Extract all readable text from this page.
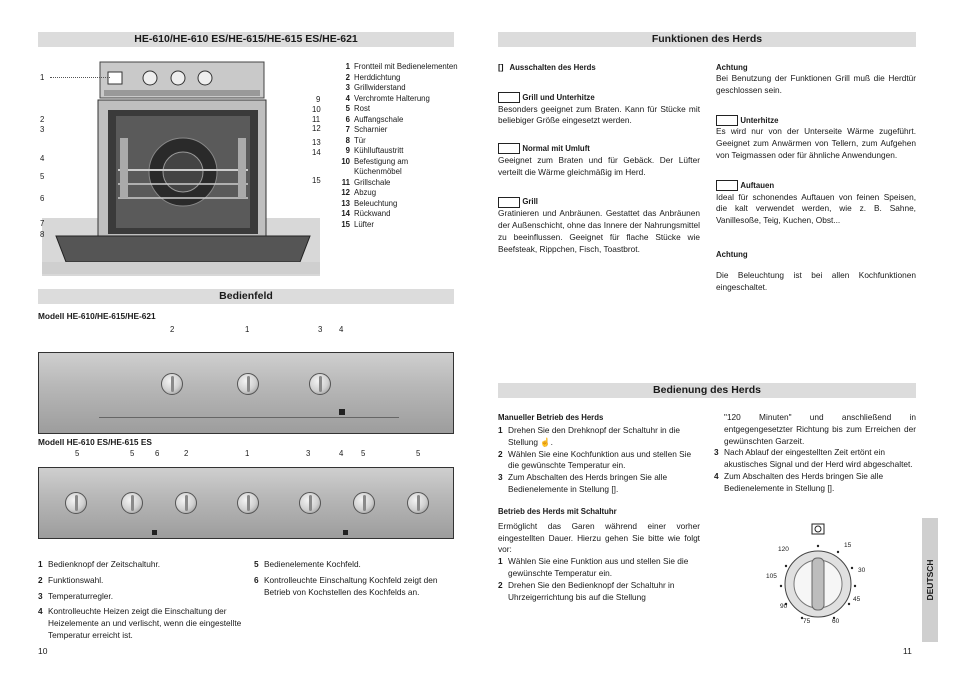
HE-610/HE-610 ES/HE-615/HE-615 ES/HE-621
1
2
3
4
5
6
7
8
9
10
11
12
13
14
15
1 Frontteil mit Bedienelementen
2 Herddichtung
3 Grillwiderstand
4 Verchromte Halterung
5 Rost
6 Auffangschale
7 Scharnier
8 Tür
9 Kühlluftaustritt
10 Befestigung am Küchenmöbel
11 Grillschale
12 Abzug
13 Beleuchtung
14 Rückwand
15 Lüfter
Bedienfeld
Modell HE-610/HE-615/HE-621
2	1	3 4
Modell HE-610 ES/HE-615 ES
5	5	6	2	1	3	4 5	5
1 Bedienknopf der Zeitschaltuhr.
2 Funktionswahl.
3 Temperaturregler.
4 Kontrolleuchte Heizen zeigt die Einschaltung der Heizelemente an und verlischt, wenn die eingestellte Temperatur erreicht ist.
5 Bedienelemente Kochfeld.
6 Kontrolleuchte Einschaltung Kochfeld zeigt den Betrieb von Kochstellen des Kochfelds an.
10
Funktionen des Herds
[] Ausschalten des Herds
Grill und Unterhitze
Besonders geeignet zum Braten. Kann für Stücke mit beliebiger Größe eingesetzt werden.
Normal mit Umluft
Geeignet zum Braten und für Gebäck. Der Lüfter verteilt die Wärme gleichmäßig im Herd.
Grill
Gratinieren und Anbräunen. Gestattet das Anbräunen der Außenschicht, ohne das Innere der Nahrungsmittel zu beeinflussen. Geeignet für flache Stücke wie Beefsteak, Rippchen, Fisch, Toastbrot.
Achtung
Bei Benutzung der Funktionen Grill muß die Herdtür geschlossen sein.
Unterhitze
Es wird nur von der Unterseite Wärme zugeführt. Geeignet zum Anwärmen von Tellern, zum Aufgehen von Teigmassen oder für ähnliche Anwendungen.
Auftauen
Ideal für schonendes Auftauen von feinen Speisen, die kalt verwendet werden, wie z. B. Sahne, Vanillesoße, Teig, Kuchen, Obst...
Achtung
Die Beleuchtung ist bei allen Kochfunktionen eingeschaltet.
Bedienung des Herds
Manueller Betrieb des Herds
1 Drehen Sie den Drehknopf der Schaltuhr in die Stellung ☝.
2 Wählen Sie eine Kochfunktion aus und stellen Sie die gewünschte Temperatur ein.
3 Zum Abschalten des Herds bringen Sie alle Bedienelemente in Stellung [].
Betrieb des Herds mit Schaltuhr
Ermöglicht das Garen während einer vorher eingestellten Dauer. Hierzu gehen Sie bitte wie folgt vor:
1 Wählen Sie eine Funktion aus und stellen Sie die gewünschte Temperatur ein.
2 Drehen Sie den Bedienknopf der Schaltuhr in Uhrzeigerrichtung bis auf die Stellung
"120 Minuten" und anschließend in entgegengesetzter Richtung bis zum Erreichen der gewünschten Garzeit.
3 Nach Ablauf der eingestellten Zeit ertönt ein akustisches Signal und der Herd wird abgeschaltet.
4 Zum Abschalten des Herds bringen Sie alle Bedienelemente in Stellung [].
120
15
30
45
60
75
90
105	DEUTSCH
11
